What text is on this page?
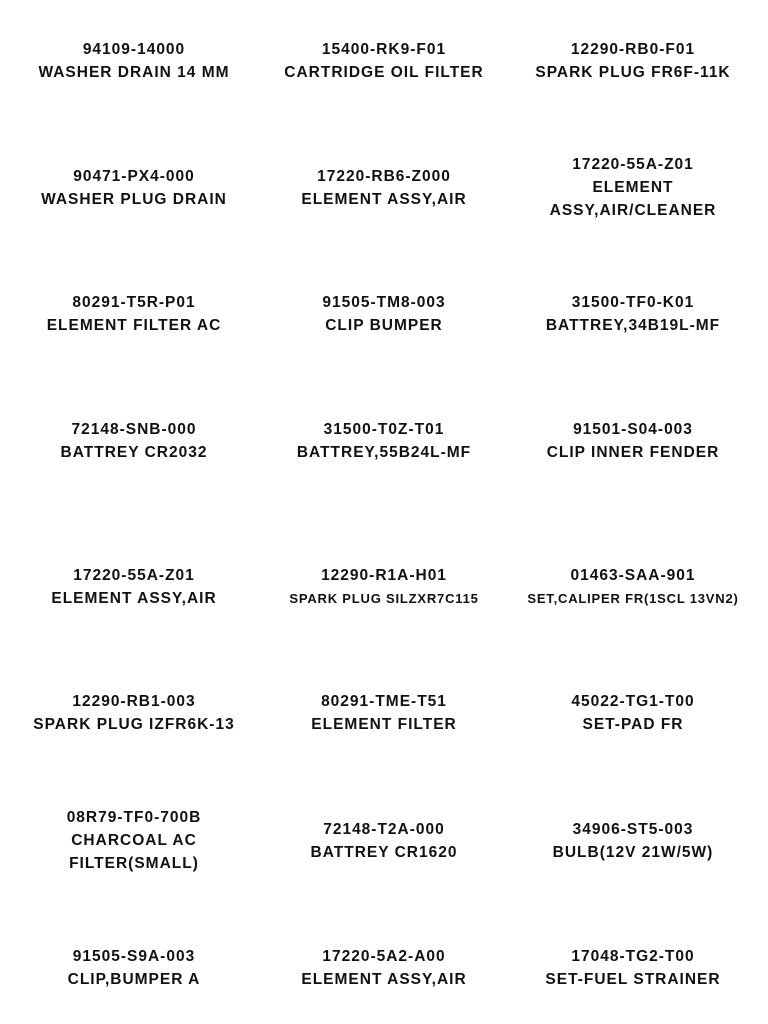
94109-14000
WASHER DRAIN 14 MM
15400-RK9-F01
CARTRIDGE OIL FILTER
12290-RB0-F01
SPARK PLUG FR6F-11K
90471-PX4-000
WASHER PLUG DRAIN
17220-RB6-Z000
ELEMENT ASSY,AIR
17220-55A-Z01
ELEMENT
ASSY,AIR/CLEANER
80291-T5R-P01
ELEMENT FILTER AC
91505-TM8-003
CLIP BUMPER
31500-TF0-K01
BATTREY,34B19L-MF
72148-SNB-000
BATTREY CR2032
31500-T0Z-T01
BATTREY,55B24L-MF
91501-S04-003
CLIP INNER FENDER
17220-55A-Z01
ELEMENT ASSY,AIR
12290-R1A-H01
SPARK PLUG SILZXR7C115
01463-SAA-901
SET,CALIPER FR(1SCL 13VN2)
12290-RB1-003
SPARK PLUG IZFR6K-13
80291-TME-T51
ELEMENT FILTER
45022-TG1-T00
SET-PAD FR
08R79-TF0-700B
CHARCOAL AC
FILTER(SMALL)
72148-T2A-000
BATTREY CR1620
34906-ST5-003
BULB(12V 21W/5W)
91505-S9A-003
CLIP,BUMPER A
17220-5A2-A00
ELEMENT ASSY,AIR
17048-TG2-T00
SET-FUEL STRAINER
